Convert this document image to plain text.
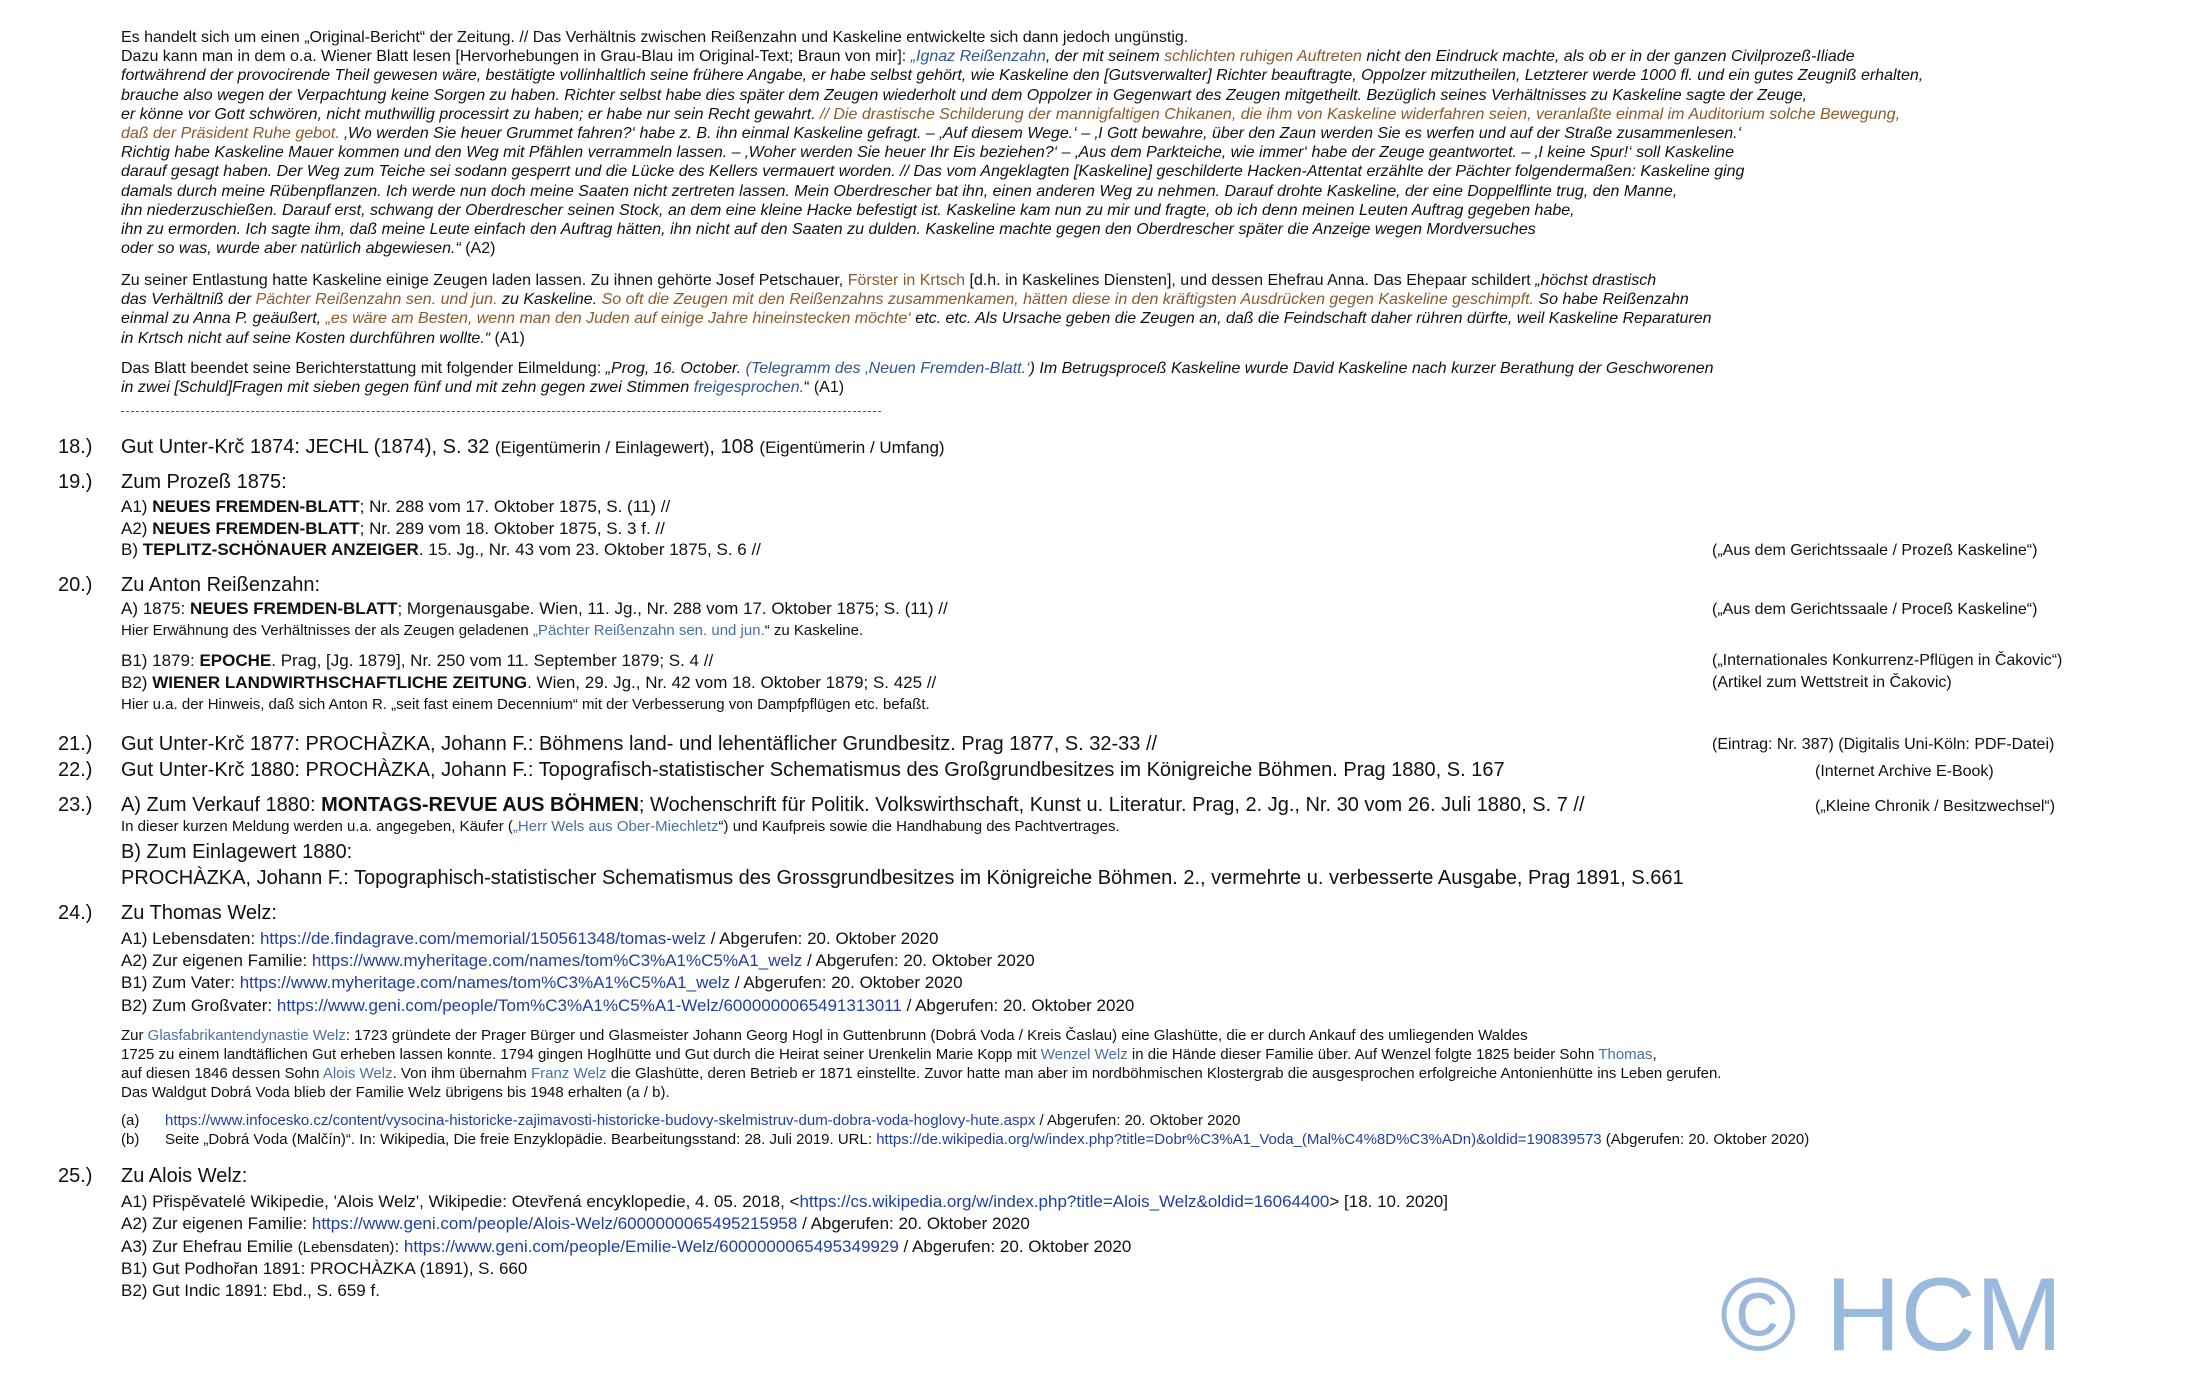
Es handelt sich um einen „Original-Bericht“ der Zeitung. // Das Verhältnis zwischen Reißenzahn und Kaskeline entwickelte sich dann jedoch ungünstig.
Dazu kann man in dem o.a. Wiener Blatt lesen [Hervorhebungen in Grau-Blau im Original-Text; Braun von mir]: „Ignaz Reißenzahn, der mit seinem schlichten ruhigen Auftreten nicht den Eindruck machte, als ob er in der ganzen Civilprozeß-Iliade
fortwährend der provocirende Theil gewesen wäre, bestätigte vollinhaltlich seine frühere Angabe, er habe selbst gehört, wie Kaskeline den [Gutsverwalter] Richter beauftragte, Oppolzer mitzutheilen, Letzterer werde 1000 fl. und ein gutes Zeugniß erhalten,
brauche also wegen der Verpachtung keine Sorgen zu haben. Richter selbst habe dies später dem Zeugen wiederholt und dem Oppolzer in Gegenwart des Zeugen mitgetheilt. Bezüglich seines Verhältnisses zu Kaskeline sagte der Zeuge,
er könne vor Gott schwören, nicht muthwillig processirt zu haben; er habe nur sein Recht gewahrt. // Die drastische Schilderung der mannigfaltigen Chikanen, die ihm von Kaskeline widerfahren seien, veranlaßte einmal im Auditorium solche Bewegung,
daß der Präsident Ruhe gebot. ‚Wo werden Sie heuer Grummet fahren?‘ habe z. B. ihn einmal Kaskeline gefragt. – ‚Auf diesem Wege.‘ – ‚I Gott bewahre, über den Zaun werden Sie es werfen und auf der Straße zusammenlesen.‘
Richtig habe Kaskeline Mauer kommen und den Weg mit Pfählen verrammeln lassen. – ‚Woher werden Sie heuer Ihr Eis beziehen?‘ – ‚Aus dem Parkteiche, wie immer‘ habe der Zeuge geantwortet. – ‚I keine Spur!‘ soll Kaskeline
darauf gesagt haben. Der Weg zum Teiche sei sodann gesperrt und die Lücke des Kellers vermauert worden. // Das vom Angeklagten [Kaskeline] geschilderte Hacken-Attentat erzählte der Pächter folgendermaßen: Kaskeline ging
damals durch meine Rübenpflanzen. Ich werde nun doch meine Saaten nicht zertreten lassen. Mein Oberdrescher bat ihn, einen anderen Weg zu nehmen. Darauf drohte Kaskeline, der eine Doppelflinte trug, den Manne,
ihn niederzuschießen. Darauf erst, schwang der Oberdrescher seinen Stock, an dem eine kleine Hacke befestigt ist. Kaskeline kam nun zu mir und fragte, ob ich denn meinen Leuten Auftrag gegeben habe,
ihn zu ermorden. Ich sagte ihm, daß meine Leute einfach den Auftrag hätten, ihn nicht auf den Saaten zu dulden. Kaskeline machte gegen den Oberdrescher später die Anzeige wegen Mordversuches
oder so was, wurde aber natürlich abgewiesen.“ (A2)
Zu seiner Entlastung hatte Kaskeline einige Zeugen laden lassen. Zu ihnen gehörte Josef Petschauer, Förster in Krtsch [d.h. in Kaskelines Diensten], und dessen Ehefrau Anna. Das Ehepaar schildert „höchst drastisch
das Verhältniß der Pächter Reißenzahn sen. und jun. zu Kaskeline. So oft die Zeugen mit den Reißenzahns zusammenkamen, hätten diese in den kräftigsten Ausdrücken gegen Kaskeline geschimpft. So habe Reißenzahn
einmal zu Anna P. geäußert, „es wäre am Besten, wenn man den Juden auf einige Jahre hineinstecken möchte‘ etc. etc. Als Ursache geben die Zeugen an, daß die Feindschaft daher rühren dürfte, weil Kaskeline Reparaturen
in Krtsch nicht auf seine Kosten durchführen wollte.“ (A1)
Das Blatt beendet seine Berichterstattung mit folgender Eilmeldung: „Prog, 16. October. (Telegramm des ‚Neuen Fremden-Blatt.‘) Im Betrugsproceß Kaskeline wurde David Kaskeline nach kurzer Berathung der Geschworenen
in zwei [Schuld]Fragen mit sieben gegen fünf und mit zehn gegen zwei Stimmen freigesprochen.“ (A1)
18.) Gut Unter-Krč 1874: JECHL (1874), S. 32 (Eigentümerin / Einlagewert), 108 (Eigentümerin / Umfang)
19.) Zum Prozeß 1875:
A1) NEUES FREMDEN-BLATT; Nr. 288 vom 17. Oktober 1875, S. (11) //
A2) NEUES FREMDEN-BLATT; Nr. 289 vom 18. Oktober 1875, S. 3 f. //
B) TEPLITZ-SCHÖNAUER ANZEIGER. 15. Jg., Nr. 43 vom 23. Oktober 1875, S. 6 //	(„Aus dem Gerichtssaale / Prozeß Kaskeline“)
20.) Zu Anton Reißenzahn:
A) 1875: NEUES FREMDEN-BLATT; Morgenausgabe. Wien, 11. Jg., Nr. 288 vom 17. Oktober 1875; S. (11) //	(„Aus dem Gerichtssaale / Proceß Kaskeline“)
Hier Erwähnung des Verhältnisses der als Zeugen geladenen „Pächter Reißenzahn sen. und jun.“ zu Kaskeline.
B1) 1879: EPOCHE. Prag, [Jg. 1879], Nr. 250 vom 11. September 1879; S. 4 //	(„Internationales Konkurrenz-Pflügen in Čakovic“)
B2) WIENER LANDWIRTHSCHAFTLICHE ZEITUNG. Wien, 29. Jg., Nr. 42 vom 18. Oktober 1879; S. 425 //	(Artikel zum Wettstreit in Čakovic)
Hier u.a. der Hinweis, daß sich Anton R. „seit fast einem Decennium“ mit der Verbesserung von Dampfpflügen etc. befaßt.
21.) Gut Unter-Krč 1877: PROCHÀZKA, Johann F.: Böhmens land- und lehentäflicher Grundbesitz. Prag 1877, S. 32-33 //	(Eintrag: Nr. 387) (Digitalis Uni-Köln: PDF-Datei)
22.) Gut Unter-Krč 1880: PROCHÀZKA, Johann F.: Topografisch-statistischer Schematismus des Großgrundbesitzes im Königreiche Böhmen. Prag 1880, S. 167	(Internet Archive E-Book)
23.) A) Zum Verkauf 1880: MONTAGS-REVUE AUS BÖHMEN; Wochenschrift für Politik. Volkswirthschaft, Kunst u. Literatur. Prag, 2. Jg., Nr. 30 vom 26. Juli 1880, S. 7 //	(„Kleine Chronik / Besitzwechsel“)
In dieser kurzen Meldung werden u.a. angegeben, Käufer („Herr Wels aus Ober-Miechletz“) und Kaufpreis sowie die Handhabung des Pachtvertrages.
B) Zum Einlagewert 1880:
PROCHÀZKA, Johann F.: Topographisch-statistischer Schematismus des Grossgrundbesitzes im Königreiche Böhmen. 2., vermehrte u. verbesserte Ausgabe, Prag 1891, S.661
24.) Zu Thomas Welz:
A1) Lebensdaten: https://de.findagrave.com/memorial/150561348/tomas-welz / Abgerufen: 20. Oktober 2020
A2) Zur eigenen Familie: https://www.myheritage.com/names/tom%C3%A1%C5%A1_welz / Abgerufen: 20. Oktober 2020
B1) Zum Vater: https://www.myheritage.com/names/tom%C3%A1%C5%A1_welz / Abgerufen: 20. Oktober 2020
B2) Zum Großvater: https://www.geni.com/people/Tom%C3%A1%C5%A1-Welz/6000000065491313011 / Abgerufen: 20. Oktober 2020
Zur Glasfabrikantendynastie Welz: 1723 gründete der Prager Bürger und Glasmeister Johann Georg Hogl in Guttenbrunn (Dobrá Voda / Kreis Časlau) eine Glashütte, die er durch Ankauf des umliegenden Waldes
1725 zu einem landtäflichen Gut erheben lassen konnte. 1794 gingen Hoglhütte und Gut durch die Heirat seiner Urenkelin Marie Kopp mit Wenzel Welz in die Hände dieser Familie über. Auf Wenzel folgte 1825 beider Sohn Thomas,
auf diesen 1846 dessen Sohn Alois Welz. Von ihm übernahm Franz Welz die Glashütte, deren Betrieb er 1871 einstellte. Zuvor hatte man aber im nordböhmischen Klostergrab die ausgesprochen erfolgreiche Antonienhütte ins Leben gerufen.
Das Waldgut Dobrá Voda blieb der Familie Welz übrigens bis 1948 erhalten (a / b).
(a) https://www.infocesko.cz/content/vysocina-historicke-zajimavosti-historicke-budovy-skelmistruv-dum-dobra-voda-hoglovy-hute.aspx / Abgerufen: 20. Oktober 2020
(b) Seite „Dobrá Voda (Malčín)“. In: Wikipedia, Die freie Enzyklopädie. Bearbeitungsstand: 28. Juli 2019. URL: https://de.wikipedia.org/w/index.php?title=Dobr%C3%A1_Voda_(Mal%C4%8D%C3%ADn)&oldid=190839573 (Abgerufen: 20. Oktober 2020)
25.) Zu Alois Welz:
A1) Přispěvatelé Wikipedie, 'Alois Welz', Wikipedie: Otevřená encyklopedie, 4. 05. 2018, <https://cs.wikipedia.org/w/index.php?title=Alois_Welz&oldid=16064400> [18. 10. 2020]
A2) Zur eigenen Familie: https://www.geni.com/people/Alois-Welz/6000000065495215958 / Abgerufen: 20. Oktober 2020
A3) Zur Ehefrau Emilie (Lebensdaten): https://www.geni.com/people/Emilie-Welz/6000000065495349929 / Abgerufen: 20. Oktober 2020
B1) Gut Podhořan 1891: PROCHÀZKA (1891), S. 660
B2) Gut Indic 1891: Ebd., S. 659 f.	© HCM
